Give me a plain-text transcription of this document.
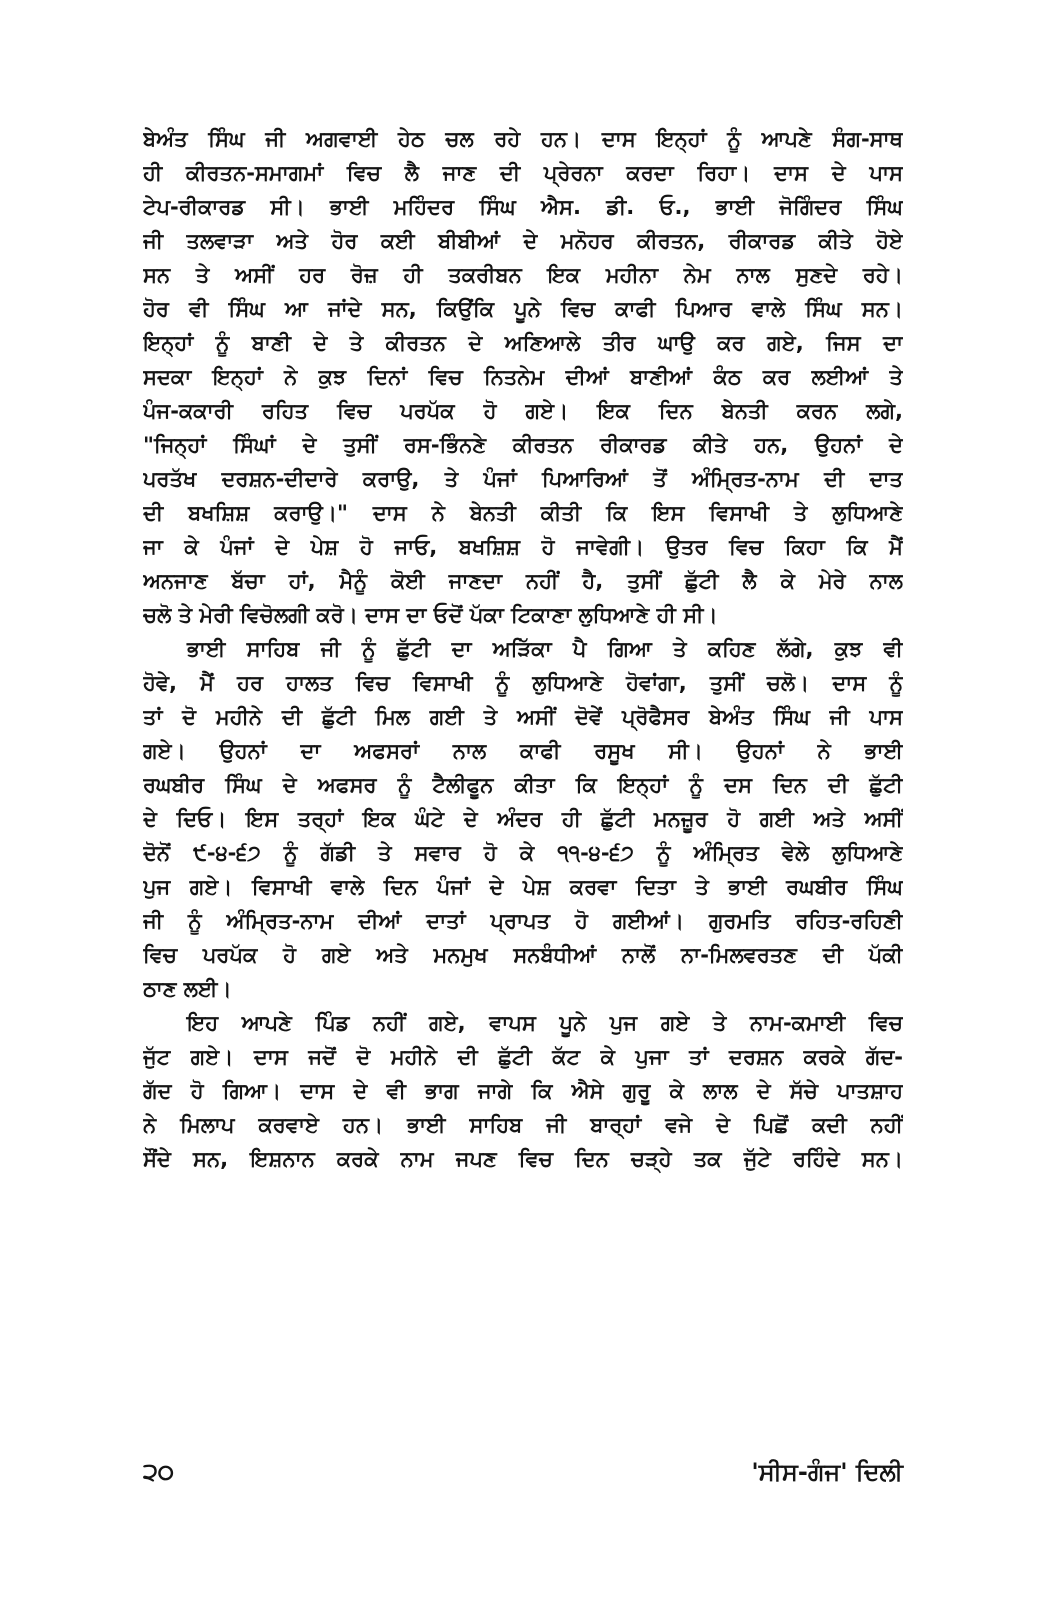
ਬੇਅੰਤ ਸਿੰਘ ਜੀ ਅਗਵਾਈ ਹੇਠ ਚਲ ਰਹੇ ਹਨ। ਦਾਸ ਇਨ੍ਹਾਂ ਨੂੰ ਆਪਣੇ ਸੰਗ-ਸਾਥ
ਹੀ ਕੀਰਤਨ-ਸਮਾਗਮਾਂ ਵਿਚ ਲੈ ਜਾਣ ਦੀ ਪ੍ਰੇਰਨਾ ਕਰਦਾ ਰਿਹਾ। ਦਾਸ ਦੇ ਪਾਸ
ਟੇਪ-ਰੀਕਾਰਡ ਸੀ। ਭਾਈ ਮਹਿੰਦਰ ਸਿੰਘ ਐਸ. ਡੀ. ਓ., ਭਾਈ ਜੋਗਿੰਦਰ ਸਿੰਘ
ਜੀ ਤਲਵਾੜਾ ਅਤੇ ਹੋਰ ਕਈ ਬੀਬੀਆਂ ਦੇ ਮਨੋਹਰ ਕੀਰਤਨ, ਰੀਕਾਰਡ ਕੀਤੇ ਹੋਏ
ਸਨ ਤੇ ਅਸੀਂ ਹਰ ਰੋਜ਼ ਹੀ ਤਕਰੀਬਨ ਇਕ ਮਹੀਨਾ ਨੇਮ ਨਾਲ ਸੁਣਦੇ ਰਹੇ।
ਹੋਰ ਵੀ ਸਿੰਘ ਆ ਜਾਂਦੇ ਸਨ, ਕਿਉਂਕਿ ਪੂਨੇ ਵਿਚ ਕਾਫੀ ਪਿਆਰ ਵਾਲੇ ਸਿੰਘ ਸਨ।
ਇਨ੍ਹਾਂ ਨੂੰ ਬਾਣੀ ਦੇ ਤੇ ਕੀਰਤਨ ਦੇ ਅਣਿਆਲੇ ਤੀਰ ਘਾਉ ਕਰ ਗਏ, ਜਿਸ ਦਾ
ਸਦਕਾ ਇਨ੍ਹਾਂ ਨੇ ਕੁਝ ਦਿਨਾਂ ਵਿਚ ਨਿਤਨੇਮ ਦੀਆਂ ਬਾਣੀਆਂ ਕੰਠ ਕਰ ਲਈਆਂ ਤੇ
ਪੰਜ-ਕਕਾਰੀ ਰਹਿਤ ਵਿਚ ਪਰਪੱਕ ਹੋ ਗਏ। ਇਕ ਦਿਨ ਬੇਨਤੀ ਕਰਨ ਲਗੇ,
"ਜਿਨ੍ਹਾਂ ਸਿੰਘਾਂ ਦੇ ਤੁਸੀਂ ਰਸ-ਭਿੰਨਣੇ ਕੀਰਤਨ ਰੀਕਾਰਡ ਕੀਤੇ ਹਨ, ਉਹਨਾਂ ਦੇ
ਪਰਤੱਖ ਦਰਸ਼ਨ-ਦੀਦਾਰੇ ਕਰਾਉ, ਤੇ ਪੰਜਾਂ ਪਿਆਰਿਆਂ ਤੋਂ ਅੰਮ੍ਰਿਤ-ਨਾਮ ਦੀ ਦਾਤ
ਦੀ ਬਖਸ਼ਿਸ਼ ਕਰਾਉ।" ਦਾਸ ਨੇ ਬੇਨਤੀ ਕੀਤੀ ਕਿ ਇਸ ਵਿਸਾਖੀ ਤੇ ਲੁਧਿਆਣੇ
ਜਾ ਕੇ ਪੰਜਾਂ ਦੇ ਪੇਸ਼ ਹੋ ਜਾਓ, ਬਖਸ਼ਿਸ਼ ਹੋ ਜਾਵੇਗੀ। ਉਤਰ ਵਿਚ ਕਿਹਾ ਕਿ ਮੈਂ
ਅਨਜਾਣ ਬੱਚਾ ਹਾਂ, ਮੈਨੂੰ ਕੋਈ ਜਾਣਦਾ ਨਹੀਂ ਹੈ, ਤੁਸੀਂ ਛੁੱਟੀ ਲੈ ਕੇ ਮੇਰੇ ਨਾਲ
ਚਲੋ ਤੇ ਮੇਰੀ ਵਿਚੋਲਗੀ ਕਰੋ। ਦਾਸ ਦਾ ਓਦੋਂ ਪੱਕਾ ਟਿਕਾਣਾ ਲੁਧਿਆਣੇ ਹੀ ਸੀ।
ਭਾਈ ਸਾਹਿਬ ਜੀ ਨੂੰ ਛੁੱਟੀ ਦਾ ਅੜਿੱਕਾ ਪੈ ਗਿਆ ਤੇ ਕਹਿਣ ਲੱਗੇ, ਕੁਝ ਵੀ
ਹੋਵੇ, ਮੈਂ ਹਰ ਹਾਲਤ ਵਿਚ ਵਿਸਾਖੀ ਨੂੰ ਲੁਧਿਆਣੇ ਹੋਵਾਂਗਾ, ਤੁਸੀਂ ਚਲੋ। ਦਾਸ ਨੂੰ
ਤਾਂ ਦੋ ਮਹੀਨੇ ਦੀ ਛੁੱਟੀ ਮਿਲ ਗਈ ਤੇ ਅਸੀਂ ਦੋਵੇਂ ਪ੍ਰੋਫੈਸਰ ਬੇਅੰਤ ਸਿੰਘ ਜੀ ਪਾਸ
ਗਏ। ਉਹਨਾਂ ਦਾ ਅਫਸਰਾਂ ਨਾਲ ਕਾਫੀ ਰਸੂਖ ਸੀ। ਉਹਨਾਂ ਨੇ ਭਾਈ
ਰਘਬੀਰ ਸਿੰਘ ਦੇ ਅਫਸਰ ਨੂੰ ਟੈਲੀਫੂਨ ਕੀਤਾ ਕਿ ਇਨ੍ਹਾਂ ਨੂੰ ਦਸ ਦਿਨ ਦੀ ਛੁੱਟੀ
ਦੇ ਦਿਓ। ਇਸ ਤਰ੍ਹਾਂ ਇਕ ਘੰਟੇ ਦੇ ਅੰਦਰ ਹੀ ਛੁੱਟੀ ਮਨਜ਼ੂਰ ਹੋ ਗਈ ਅਤੇ ਅਸੀਂ
ਦੋਨੋਂ ੯-੪-੬੭ ਨੂੰ ਗੱਡੀ ਤੇ ਸਵਾਰ ਹੋ ਕੇ ੧੧-੪-੬੭ ਨੂੰ ਅੰਮ੍ਰਿਤ ਵੇਲੇ ਲੁਧਿਆਣੇ
ਪੁਜ ਗਏ। ਵਿਸਾਖੀ ਵਾਲੇ ਦਿਨ ਪੰਜਾਂ ਦੇ ਪੇਸ਼ ਕਰਵਾ ਦਿਤਾ ਤੇ ਭਾਈ ਰਘਬੀਰ ਸਿੰਘ
ਜੀ ਨੂੰ ਅੰਮ੍ਰਿਤ-ਨਾਮ ਦੀਆਂ ਦਾਤਾਂ ਪ੍ਰਾਪਤ ਹੋ ਗਈਆਂ। ਗੁਰਮਤਿ ਰਹਿਤ-ਰਹਿਣੀ
ਵਿਚ ਪਰਪੱਕ ਹੋ ਗਏ ਅਤੇ ਮਨਮੁਖ ਸਨਬੰਧੀਆਂ ਨਾਲੋਂ ਨਾ-ਮਿਲਵਰਤਣ ਦੀ ਪੱਕੀ
ਠਾਣ ਲਈ।
ਇਹ ਆਪਣੇ ਪਿੰਡ ਨਹੀਂ ਗਏ, ਵਾਪਸ ਪੂਨੇ ਪੁਜ ਗਏ ਤੇ ਨਾਮ-ਕਮਾਈ ਵਿਚ
ਜੁੱਟ ਗਏ। ਦਾਸ ਜਦੋਂ ਦੋ ਮਹੀਨੇ ਦੀ ਛੁੱਟੀ ਕੱਟ ਕੇ ਪੁਜਾ ਤਾਂ ਦਰਸ਼ਨ ਕਰਕੇ ਗੱਦ-
ਗੱਦ ਹੋ ਗਿਆ। ਦਾਸ ਦੇ ਵੀ ਭਾਗ ਜਾਗੇ ਕਿ ਐਸੇ ਗੁਰੂ ਕੇ ਲਾਲ ਦੇ ਸੱਚੇ ਪਾਤਸ਼ਾਹ
ਨੇ ਮਿਲਾਪ ਕਰਵਾਏ ਹਨ। ਭਾਈ ਸਾਹਿਬ ਜੀ ਬਾਰ੍ਹਾਂ ਵਜੇ ਦੇ ਪਿਛੋਂ ਕਦੀ ਨਹੀਂ
ਸੌਂਦੇ ਸਨ, ਇਸ਼ਨਾਨ ਕਰਕੇ ਨਾਮ ਜਪਣ ਵਿਚ ਦਿਨ ਚੜ੍ਹੇ ਤਕ ਜੁੱਟੇ ਰਹਿੰਦੇ ਸਨ।
੨੦	'ਸੀਸ-ਗੰਜ' ਦਿਲੀ
